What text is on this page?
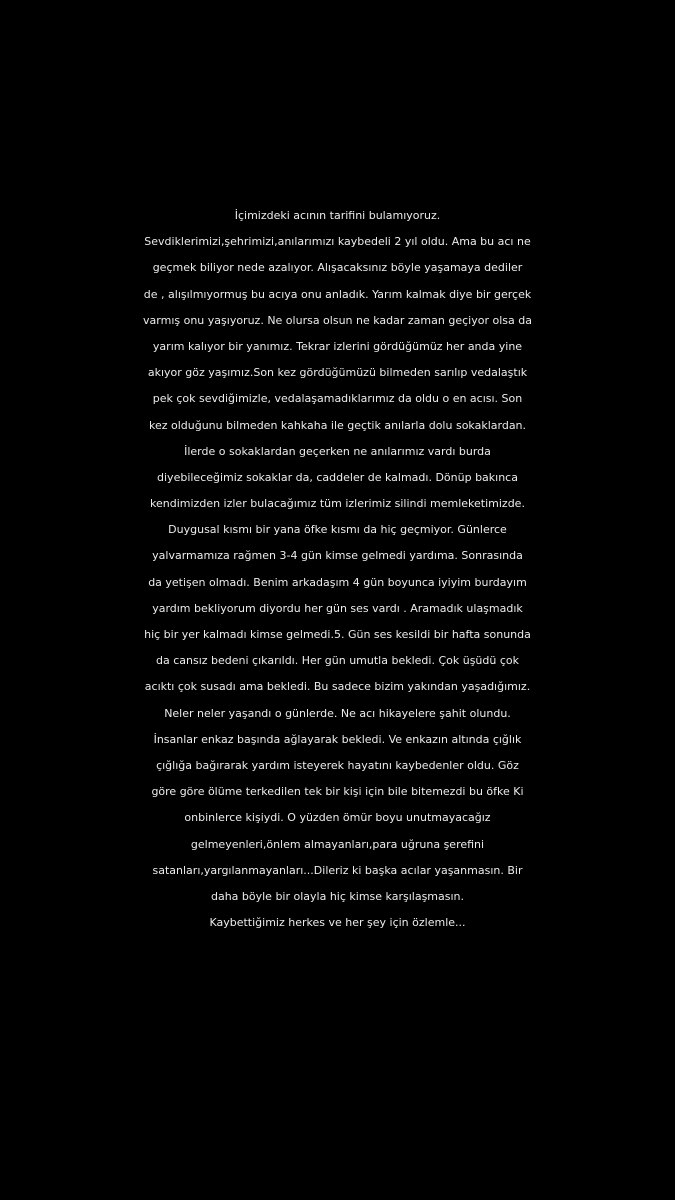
İçimizdeki acının tarifini bulamıyoruz.
Sevdiklerimizi,şehrimizi,anılarımızı kaybedeli 2 yıl oldu. Ama bu acı ne
geçmek biliyor nede azalıyor. Alışacaksınız böyle yaşamaya dediler
de , alışılmıyormuş bu acıya onu anladık. Yarım kalmak diye bir gerçek
varmış onu yaşıyoruz. Ne olursa olsun ne kadar zaman geçiyor olsa da
yarım kalıyor bir yanımız. Tekrar izlerini gördüğümüz her anda yine
akıyor göz yaşımız.Son kez gördüğümüzü bilmeden sarılıp vedalaştık
pek çok sevdiğimizle, vedalaşamadıklarımız da oldu o en acısı. Son
kez olduğunu bilmeden kahkaha ile geçtik anılarla dolu sokaklardan.
İlerde o sokaklardan geçerken ne anılarımız vardı burda
diyebileceğimiz sokaklar da, caddeler de kalmadı. Dönüp bakınca
kendimizden izler bulacağımız tüm izlerimiz silindi memleketimizde.
Duygusal kısmı bir yana öfke kısmı da hiç geçmiyor. Günlerce
yalvarmamıza rağmen 3-4 gün kimse gelmedi yardıma. Sonrasında
da yetişen olmadı. Benim arkadaşım 4 gün boyunca iyiyim burdayım
yardım bekliyorum diyordu her gün ses vardı . Aramadık ulaşmadık
hiç bir yer kalmadı kimse gelmedi.5. Gün ses kesildi bir hafta sonunda
da cansız bedeni çıkarıldı. Her gün umutla bekledi. Çok üşüdü çok
acıktı çok susadı ama bekledi. Bu sadece bizim yakından yaşadığımız.
Neler neler yaşandı o günlerde. Ne acı hikayelere şahit olundu.
İnsanlar enkaz başında ağlayarak bekledi. Ve enkazın altında çığlık
çığlığa bağırarak yardım isteyerek hayatını kaybedenler oldu. Göz
göre göre ölüme terkedilen tek bir kişi için bile bitemezdi bu öfke Ki
onbinlerce kişiydi. O yüzden ömür boyu unutmayacağız
gelmeyenleri,önlem almayanları,para uğruna şerefini
satanları,yargılanmayanları...Dileriz ki başka acılar yaşanmasın. Bir
daha böyle bir olayla hiç kimse karşılaşmasın.
Kaybettiğimiz herkes ve her şey için özlemle...
